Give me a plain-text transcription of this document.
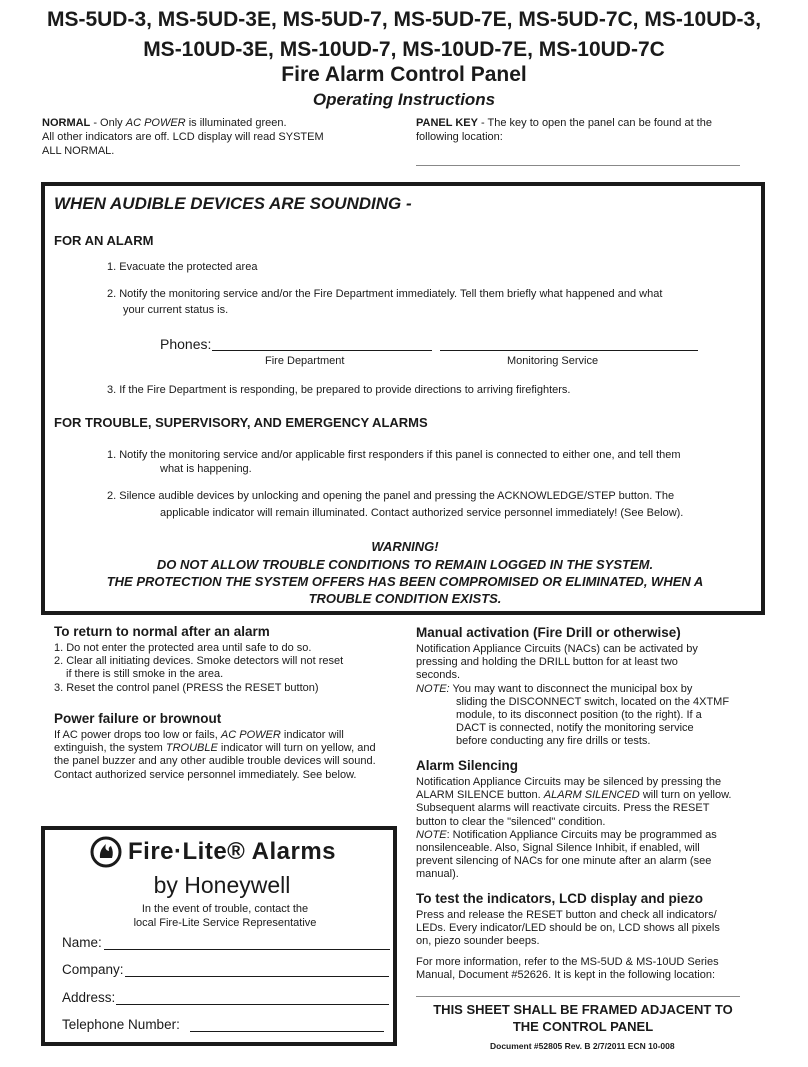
MS-5UD-3, MS-5UD-3E, MS-5UD-7, MS-5UD-7E, MS-5UD-7C, MS-10UD-3,
MS-10UD-3E, MS-10UD-7, MS-10UD-7E, MS-10UD-7C
Fire Alarm Control Panel
Operating Instructions
NORMAL - Only AC POWER is illuminated green.
All other indicators are off. LCD display will read SYSTEM
ALL NORMAL.
PANEL KEY - The key to open the panel can be found at the
following location:
WHEN AUDIBLE DEVICES ARE SOUNDING -
FOR AN ALARM
1. Evacuate the protected area
2. Notify the monitoring service and/or the Fire Department immediately. Tell them briefly what happened and what
your current status is.
Phones:
Fire Department	Monitoring Service
3. If the Fire Department is responding, be prepared to provide directions to arriving firefighters.
FOR TROUBLE, SUPERVISORY, AND EMERGENCY ALARMS
1. Notify the monitoring service and/or applicable first responders if this panel is connected to either one, and tell them
what is happening.
2. Silence audible devices by unlocking and opening the panel and pressing the ACKNOWLEDGE/STEP button. The
applicable indicator will remain illuminated. Contact authorized service personnel immediately! (See Below).
WARNING!
DO NOT ALLOW TROUBLE CONDITIONS TO REMAIN LOGGED IN THE SYSTEM.
THE PROTECTION THE SYSTEM OFFERS HAS BEEN COMPROMISED OR ELIMINATED, WHEN A
TROUBLE CONDITION EXISTS.
To return to normal after an alarm
1. Do not enter the protected area until safe to do so.
2. Clear all initiating devices. Smoke detectors will not reset
if there is still smoke in the area.
3. Reset the control panel (PRESS the RESET button)
Power failure or brownout
If AC power drops too low or fails, AC POWER indicator will
extinguish, the system TROUBLE indicator will turn on yellow, and
the panel buzzer and any other audible trouble devices will sound.
Contact authorized service personnel immediately. See below.
Fire·Lite® Alarms
by Honeywell
In the event of trouble, contact the
local Fire-Lite Service Representative
Name:
Company:
Address:
Telephone Number:
Manual activation (Fire Drill or otherwise)
Notification Appliance Circuits (NACs) can be activated by
pressing and holding the DRILL button for at least two
seconds.
NOTE: You may want to disconnect the municipal box by
sliding the DISCONNECT switch, located on the 4XTMF
module, to its disconnect position (to the right). If a
DACT is connected, notify the monitoring service
before conducting any fire drills or tests.
Alarm Silencing
Notification Appliance Circuits may be silenced by pressing the
ALARM SILENCE button. ALARM SILENCED will turn on yellow.
Subsequent alarms will reactivate circuits. Press the RESET
button to clear the "silenced" condition.
NOTE: Notification Appliance Circuits may be programmed as
nonsilenceable. Also, Signal Silence Inhibit, if enabled, will
prevent silencing of NACs for one minute after an alarm (see
manual).
To test the indicators, LCD display and piezo
Press and release the RESET button and check all indicators/
LEDs. Every indicator/LED should be on, LCD shows all pixels
on, piezo sounder beeps.
For more information, refer to the MS-5UD & MS-10UD Series
Manual, Document #52626. It is kept in the following location:
THIS SHEET SHALL BE FRAMED ADJACENT TO
THE CONTROL PANEL
Document #52805 Rev. B 2/7/2011 ECN 10-008
